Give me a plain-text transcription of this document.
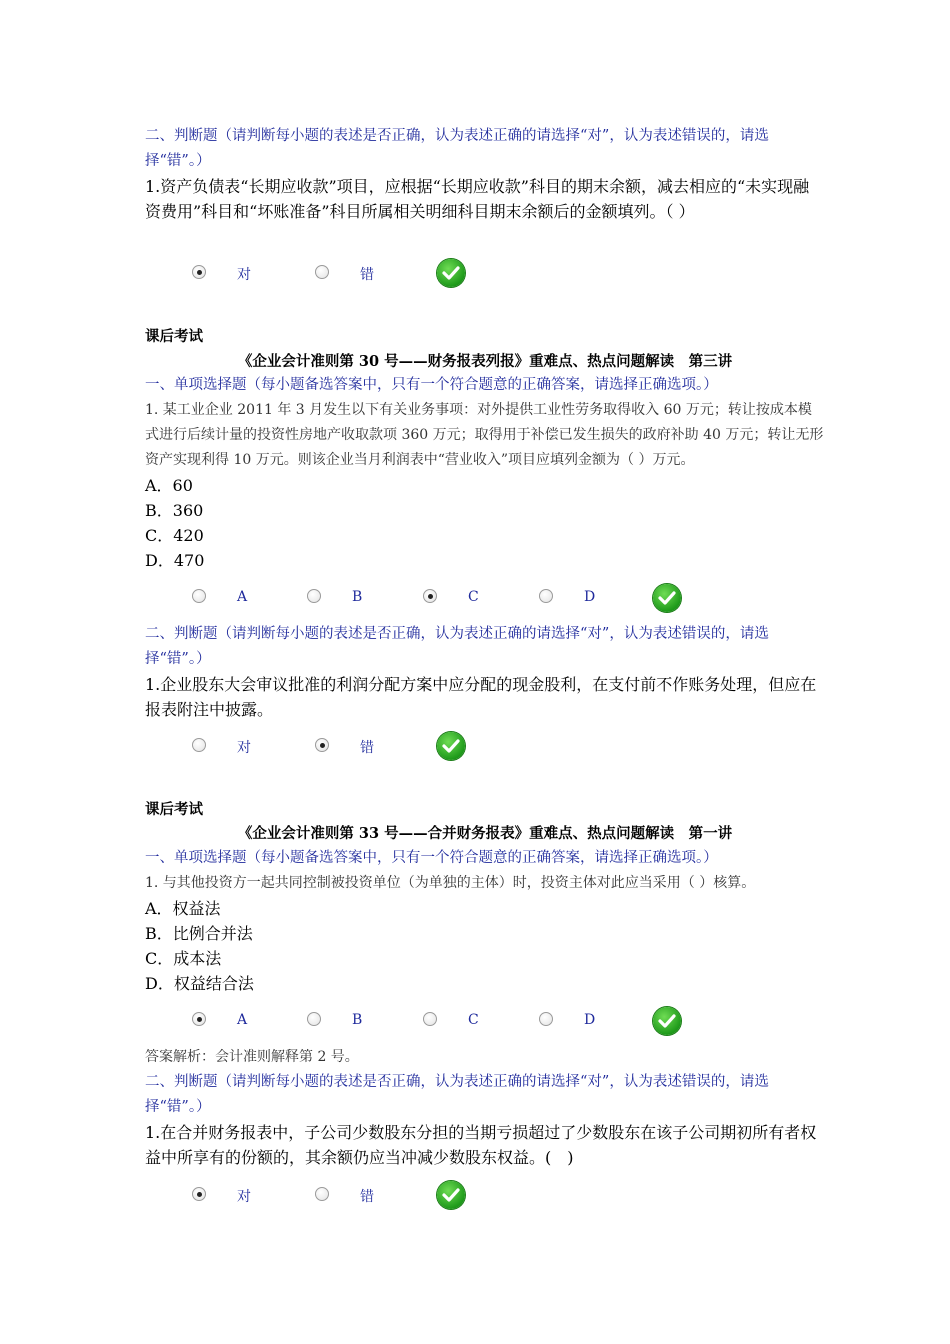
二、判断题（请判断每小题的表述是否正确，认为表述正确的请选择“对”，认为表述错误的，请选择“错”。）
1.资产负债表“长期应收款”项目，应根据“长期应收款”科目的期末余额，减去相应的“未实现融资费用”科目和“坏账准备”科目所属相关明细科目期末余额后的金额填列。（ ）
对	错
课后考试
《企业会计准则第 30 号——财务报表列报》重难点、热点问题解读　第三讲
一、单项选择题（每小题备选答案中，只有一个符合题意的正确答案，请选择正确选项。）
1. 某工业企业 2011 年 3 月发生以下有关业务事项：对外提供工业性劳务取得收入 60 万元；转让按成本模式进行后续计量的投资性房地产收取款项 360 万元；取得用于补偿已发生损失的政府补助 40 万元；转让无形资产实现利得 10 万元。则该企业当月利润表中“营业收入”项目应填列金额为（ ）万元。
A．60
B．360
C．420
D．470
A	B	C	D
二、判断题（请判断每小题的表述是否正确，认为表述正确的请选择“对”，认为表述错误的，请选择“错”。）
1.企业股东大会审议批准的利润分配方案中应分配的现金股利，在支付前不作账务处理，但应在报表附注中披露。
对	错
课后考试
《企业会计准则第 33 号——合并财务报表》重难点、热点问题解读　第一讲
一、单项选择题（每小题备选答案中，只有一个符合题意的正确答案，请选择正确选项。）
1. 与其他投资方一起共同控制被投资单位（为单独的主体）时，投资主体对此应当采用（ ）核算。
A．权益法
B．比例合并法
C．成本法
D．权益结合法
A	B	C	D
答案解析：会计准则解释第 2 号。
二、判断题（请判断每小题的表述是否正确，认为表述正确的请选择“对”，认为表述错误的，请选择“错”。）
1.在合并财务报表中，子公司少数股东分担的当期亏损超过了少数股东在该子公司期初所有者权益中所享有的份额的，其余额仍应当冲减少数股东权益。(　)
对	错
